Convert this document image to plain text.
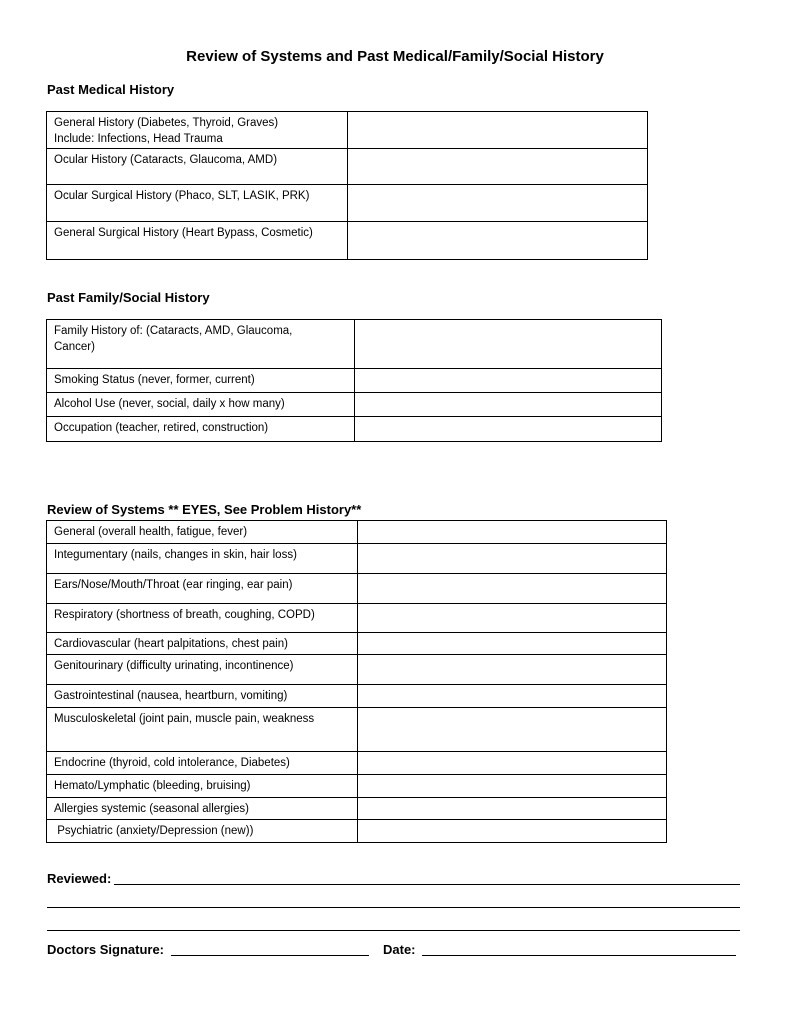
Review of Systems and Past Medical/Family/Social History
Past Medical History
General History (Diabetes, Thyroid, Graves)
Include: Infections, Head Trauma	
Ocular History (Cataracts, Glaucoma, AMD)	
Ocular Surgical History (Phaco, SLT, LASIK, PRK)	
General Surgical History (Heart Bypass, Cosmetic)	
Past Family/Social History
Family History of: (Cataracts, AMD, Glaucoma,
Cancer)	
Smoking Status (never, former, current)	
Alcohol Use (never, social, daily x how many)	
Occupation (teacher, retired, construction)	
Review of Systems ** EYES, See Problem History**
General (overall health, fatigue, fever)	
Integumentary (nails, changes in skin, hair loss)	
Ears/Nose/Mouth/Throat (ear ringing, ear pain)	
Respiratory (shortness of breath, coughing, COPD)	
Cardiovascular (heart palpitations, chest pain)	
Genitourinary (difficulty urinating, incontinence)	
Gastrointestinal (nausea, heartburn, vomiting)	
Musculoskeletal (joint pain, muscle pain, weakness	
Endocrine (thyroid, cold intolerance, Diabetes)	
Hemato/Lymphatic (bleeding, bruising)	
Allergies systemic (seasonal allergies)	
Psychiatric (anxiety/Depression (new))	
Reviewed:
Doctors Signature:	Date:
